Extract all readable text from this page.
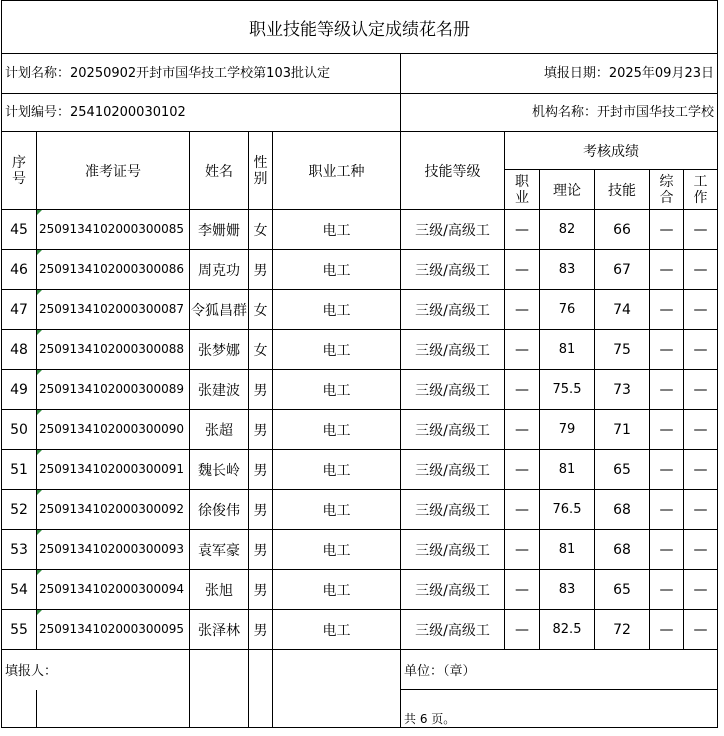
职业技能等级认定成绩花名册										
计划名称：20250902开封市国华技工学校第103批认定					填报日期：2025年09月23日					
计划编号：25410200030102					机构名称：开封市国华技工学校					
序号	准考证号	姓名	性别	职业工种	技能等级	考核成绩				
						职业	理论	技能	综合	工作
45	2509134102000300085	李姗姗	女	电工	三级/高级工	—	82	66	—	—
46	2509134102000300086	周克功	男	电工	三级/高级工	—	83	67	—	—
47	2509134102000300087	令狐昌群	女	电工	三级/高级工	—	76	74	—	—
48	2509134102000300088	张梦娜	女	电工	三级/高级工	—	81	75	—	—
49	2509134102000300089	张建波	男	电工	三级/高级工	—	75.5	73	—	—
50	2509134102000300090	张超	男	电工	三级/高级工	—	79	71	—	—
51	2509134102000300091	魏长岭	男	电工	三级/高级工	—	81	65	—	—
52	2509134102000300092	徐俊伟	男	电工	三级/高级工	—	76.5	68	—	—
53	2509134102000300093	袁军豪	男	电工	三级/高级工	—	81	68	—	—
54	2509134102000300094	张旭	男	电工	三级/高级工	—	83	65	—	—
55	2509134102000300095	张泽林	男	电工	三级/高级工	—	82.5	72	—	—
填报人：					单位：（章）					
					共 6 页。					
